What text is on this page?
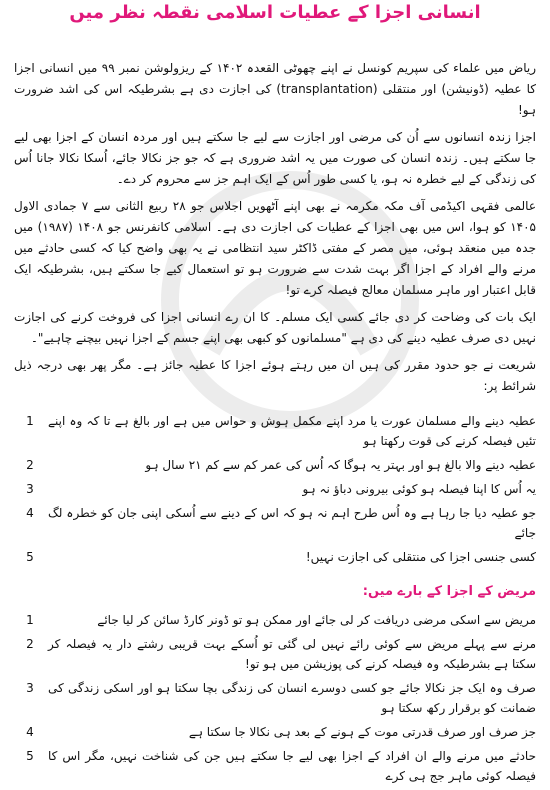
انسانی اجزا کے عطیات اسلامی نقطہ نظر میں

ریاض میں علماء کی سپریم کونسل نے اپنے چھوٹی القعدہ ۱۴۰۲ کے ریزولوشن نمبر ۹۹ میں انسانی اجزا کا عطیہ (ڈونیشن) اور منتقلی (transplantation) کی اجازت دی ہے بشرطیکہ اس کی اشد ضرورت ہو!

اجزا زندہ انسانوں سے اُن کی مرضی اور اجازت سے لیے جا سکتے ہیں اور مردہ انسان کے اجزا بھی لیے جا سکتے ہیں۔ زندہ انسان کی صورت میں یہ اشد ضروری ہے کہ جو جز نکالا جائے، اُسکا نکالا جانا اُس کی زندگی کے لیے خطرہ نہ ہو، یا کسی طور اُس کے ایک اہم جز سے محروم کر دے۔

عالمی فقہی اکیڈمی آف مکہ مکرمہ نے بھی اپنے آٹھویں اجلاس جو ۲۸ ربیع الثانی سے ۷ جمادی الاول ۱۴۰۵ کو ہوا، اس میں بھی اجزا کے عطیات کی اجازت دی ہے۔ اسلامی کانفرنس جو ۱۴۰۸ (۱۹۸۷) میں جدہ میں منعقد ہوئی، میں مصر کے مفتی ڈاکٹر سید انتظامی نے یہ بھی واضح کیا کہ کسی حادثے میں مرنے والے افراد کے اجزا اگر بہت شدت سے ضرورت ہو تو استعمال کیے جا سکتے ہیں، بشرطیکہ ایک قابل اعتبار اور ماہر مسلمان معالج فیصلہ کرے تو!

ایک بات کی وضاحت کر دی جائے کسی ایک مسلم۔ کا ان رے انسانی اجزا کی فروخت کرنے کی اجازت نہیں دی صرف عطیہ دینے کی دی ہے "مسلمانوں کو کبھی بھی اپنے جسم کے اجزا نہیں بیچنے چاہیے"۔

شریعت نے جو حدود مقرر کی ہیں ان میں رہتے ہوئے اجزا کا عطیہ جائز ہے۔ مگر پھر بھی درجہ ذیل شرائط پر:

1 عطیہ دینے والے مسلمان عورت یا مرد اپنے مکمل ہوش و حواس میں ہے اور بالغ ہے تا کہ وہ اپنے تئیں فیصلہ کرنے کی قوت رکھتا ہو
2	عطیہ دینے والا بالغ ہو اور بہتر یہ ہوگا کہ اُس کی عمر کم سے کم ۲۱ سال ہو
3	یہ اُس کا اپنا فیصلہ ہو کوئی بیرونی دباؤ نہ ہو
4 جو عطیہ دیا جا رہا ہے وہ اُس طرح اہم نہ ہو کہ اس کے دینے سے اُسکی اپنی جان کو خطرہ لگ جائے
5	کسی جنسی اجزا کی منتقلی کی اجازت نہیں!
مریض کے اجزا کے بارے میں:
1	مریض سے اسکی مرضی دریافت کر لی جائے اور ممکن ہو تو ڈونر کارڈ سائن کر لیا جائے
2 مرنے سے پہلے مریض سے کوئی رائے نہیں لی گئی تو اُسکے بہت قریبی رشتے دار یہ فیصلہ کر سکتا ہے بشرطیکہ وہ فیصلہ کرنے کی پوزیشن میں ہو تو!
3 صرف وہ ایک جز نکالا جائے جو کسی دوسرے انسان کی زندگی بچا سکتا ہو اور اسکی زندگی کی ضمانت کو برقرار رکھ سکتا ہو
4	جز صرف اور صرف قدرتی موت کے ہونے کے بعد ہی نکالا جا سکتا ہے
5 حادثے میں مرنے والے ان افراد کے اجزا بھی لیے جا سکتے ہیں جن کی شناخت نہیں، مگر اس کا فیصلہ کوئی ماہر جج ہی کرے
